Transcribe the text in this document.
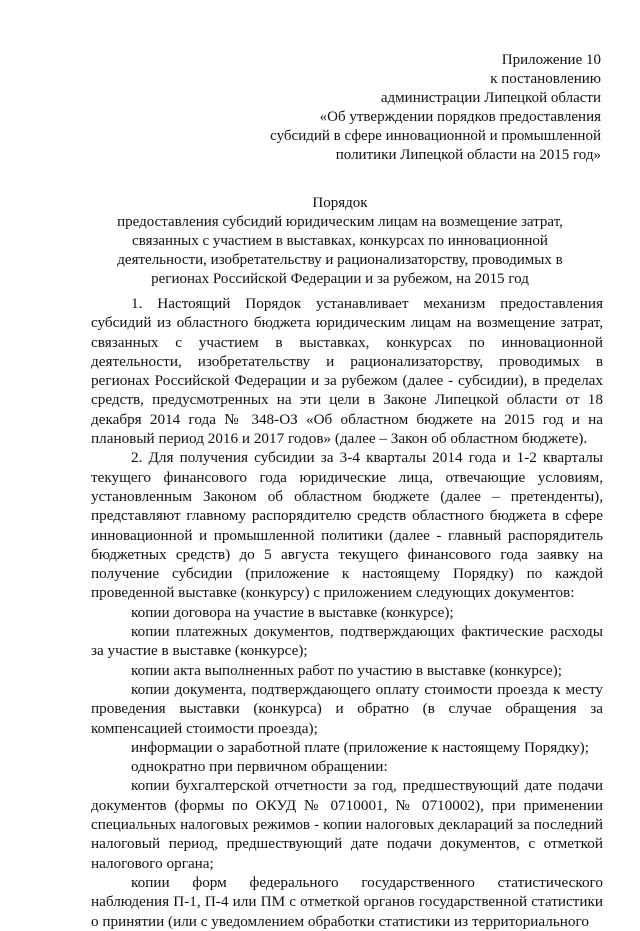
Приложение 10
к постановлению
администрации Липецкой области
«Об утверждении порядков предоставления
субсидий в сфере инновационной и промышленной
политики Липецкой области на 2015 год»
Порядок
предоставления субсидий юридическим лицам на возмещение затрат,
связанных с участием в выставках, конкурсах по инновационной
деятельности, изобретательству и рационализаторству, проводимых в
регионах Российской Федерации и за рубежом, на 2015 год

1. Настоящий Порядок устанавливает механизм предоставления субсидий из областного бюджета юридическим лицам на возмещение затрат, связанных с участием в выставках, конкурсах по инновационной деятельности, изобретательству и рационализаторству, проводимых в регионах Российской Федерации и за рубежом (далее - субсидии), в пределах средств, предусмотренных на эти цели в Законе Липецкой области от 18 декабря 2014 года № 348-ОЗ «Об областном бюджете на 2015 год и на плановый период 2016 и 2017 годов» (далее – Закон об областном бюджете).

2. Для получения субсидии за 3-4 кварталы 2014 года и 1-2 кварталы текущего финансового года юридические лица, отвечающие условиям, установленным Законом об областном бюджете (далее – претенденты), представляют главному распорядителю средств областного бюджета в сфере инновационной и промышленной политики (далее - главный распорядитель бюджетных средств) до 5 августа текущего финансового года заявку на получение субсидии (приложение к настоящему Порядку) по каждой проведенной выставке (конкурсу) с приложением следующих документов:

копии договора на участие в выставке (конкурсе);

копии платежных документов, подтверждающих фактические расходы за участие в выставке (конкурсе);

копии акта выполненных работ по участию в выставке (конкурсе);

копии документа, подтверждающего оплату стоимости проезда к месту проведения выставки (конкурса) и обратно (в случае обращения за компенсацией стоимости проезда);

информации о заработной плате (приложение к настоящему Порядку);

однократно при первичном обращении:

копии бухгалтерской отчетности за год, предшествующий дате подачи документов (формы по ОКУД № 0710001, № 0710002), при применении специальных налоговых режимов - копии налоговых деклараций за последний налоговый период, предшествующий дате подачи документов, с отметкой налогового органа;

копии форм федерального государственного статистического наблюдения П-1, П-4 или ПМ с отметкой органов государственной статистики о принятии (или с уведомлением обработки статистики из территориального
